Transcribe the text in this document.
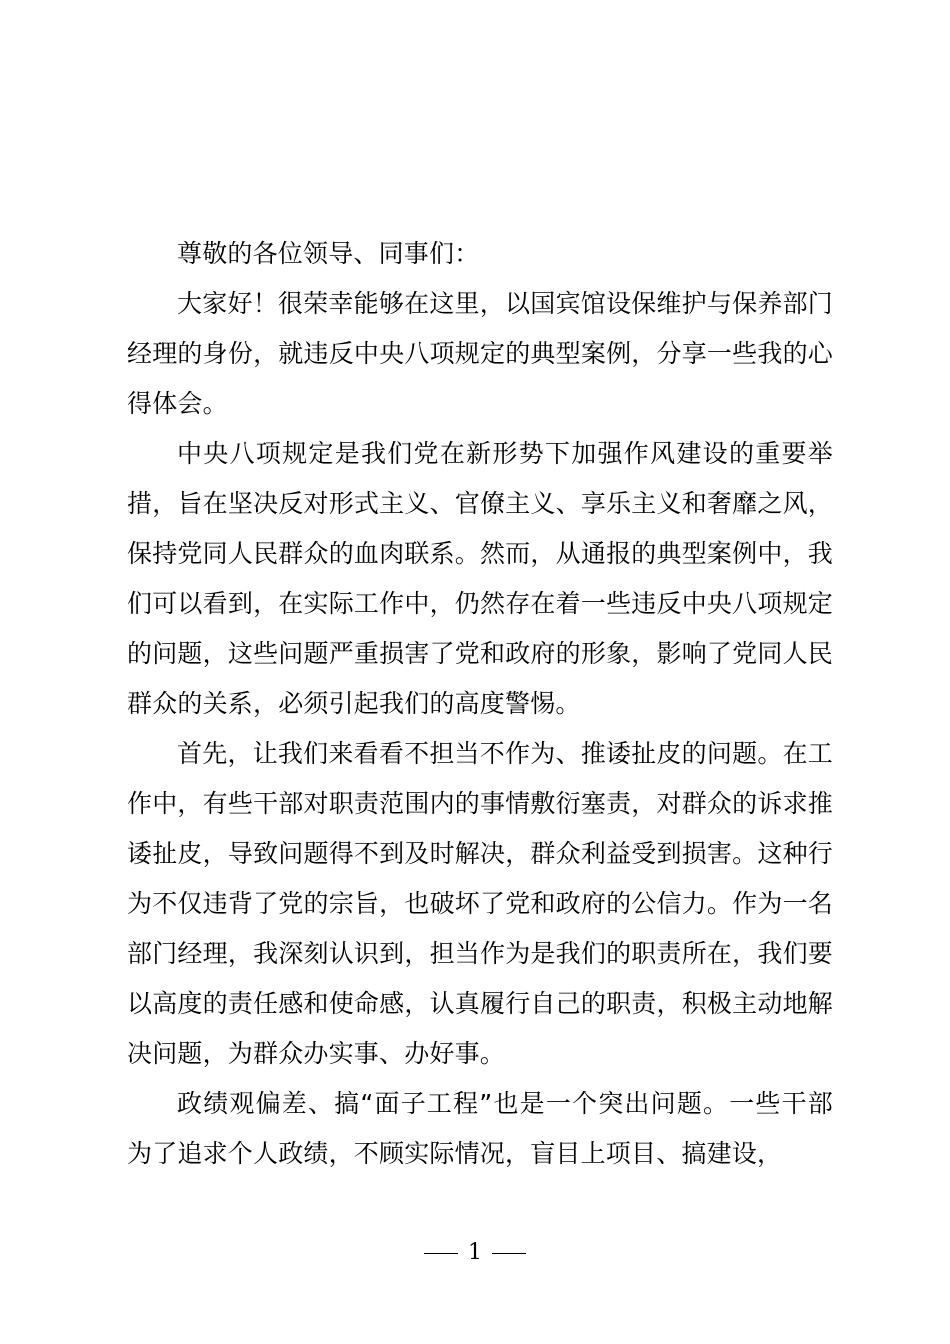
尊敬的各位领导、同事们：

大家好！很荣幸能够在这里，以国宾馆设保维护与保养部门经理的身份，就违反中央八项规定的典型案例，分享一些我的心得体会。

中央八项规定是我们党在新形势下加强作风建设的重要举措，旨在坚决反对形式主义、官僚主义、享乐主义和奢靡之风，保持党同人民群众的血肉联系。然而，从通报的典型案例中，我们可以看到，在实际工作中，仍然存在着一些违反中央八项规定的问题，这些问题严重损害了党和政府的形象，影响了党同人民群众的关系，必须引起我们的高度警惕。

首先，让我们来看看不担当不作为、推诿扯皮的问题。在工作中，有些干部对职责范围内的事情敷衍塞责，对群众的诉求推诿扯皮，导致问题得不到及时解决，群众利益受到损害。这种行为不仅违背了党的宗旨，也破坏了党和政府的公信力。作为一名部门经理，我深刻认识到，担当作为是我们的职责所在，我们要以高度的责任感和使命感，认真履行自己的职责，积极主动地解决问题，为群众办实事、办好事。

政绩观偏差、搞“面子工程”也是一个突出问题。一些干部为了追求个人政绩，不顾实际情况，盲目上项目、搞建设，

1
